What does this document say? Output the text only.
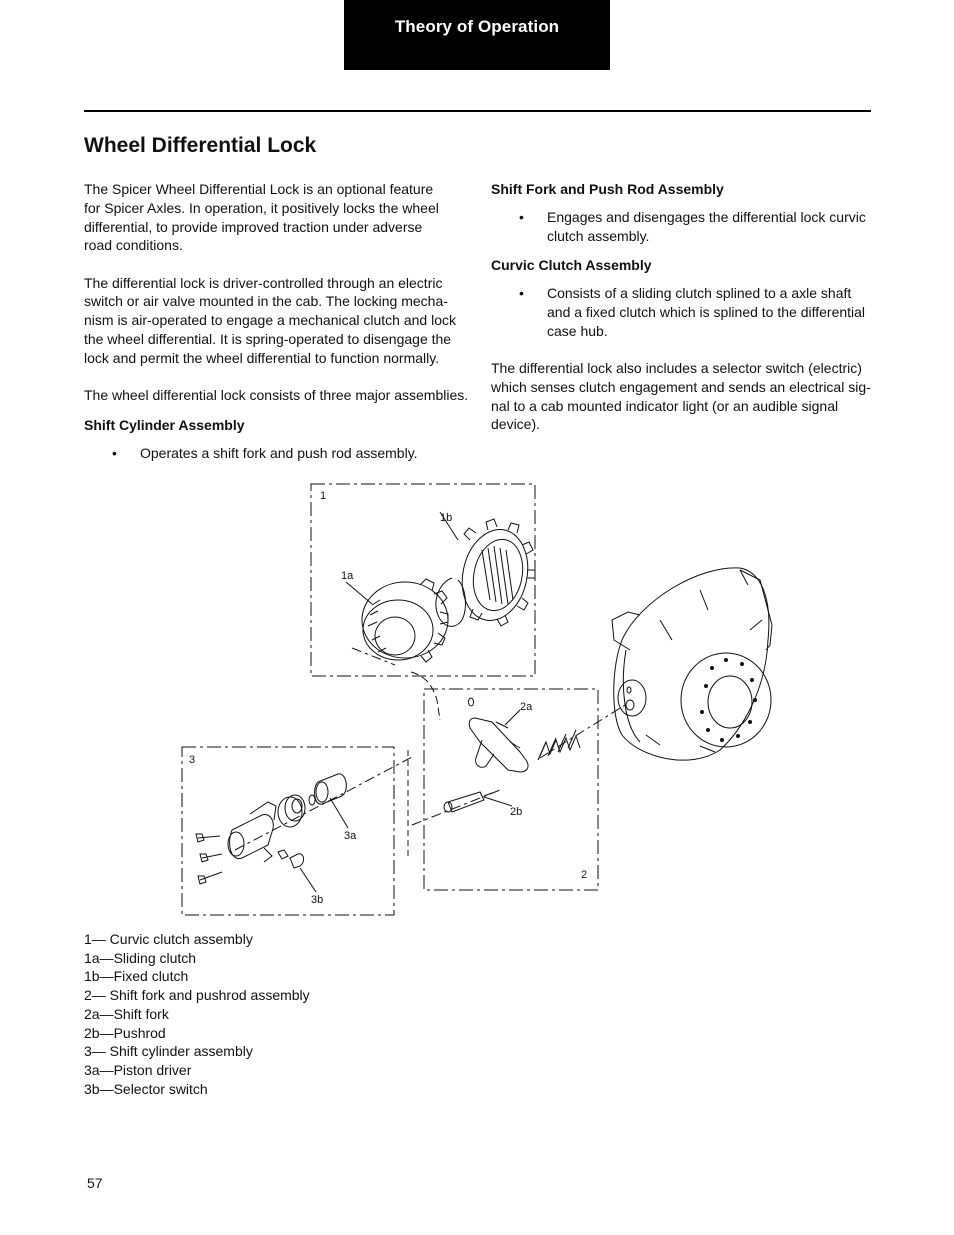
Theory of Operation
Wheel Differential Lock

The Spicer Wheel Differential Lock is an optional feature
for Spicer Axles. In operation, it positively locks the wheel
differential, to provide improved traction under adverse
road conditions.

The differential lock is driver-controlled through an electric
switch or air valve mounted in the cab. The locking mecha-
nism is air-operated to engage a mechanical clutch and lock
the wheel differential. It is spring-operated to disengage the
lock and permit the wheel differential to function normally.

The wheel differential lock consists of three major assemblies.

Shift Cylinder Assembly

• Operates a shift fork and push rod assembly.

Shift Fork and Push Rod Assembly

• Engages and disengages the differential lock curvic
clutch assembly.

Curvic Clutch Assembly

• Consists of a sliding clutch splined to a axle shaft
and a fixed clutch which is splined to the differential
case hub.

The differential lock also includes a selector switch (electric)
which senses clutch engagement and sends an electrical sig-
nal to a cab mounted indicator light (or an audible signal
device).

1
1b
1a
2a
2b
2
3
3a
3b
1— Curvic clutch assembly
1a—Sliding clutch
1b—Fixed clutch
2— Shift fork and pushrod assembly
2a—Shift fork
2b—Pushrod
3— Shift cylinder assembly
3a—Piston driver
3b—Selector switch
57
